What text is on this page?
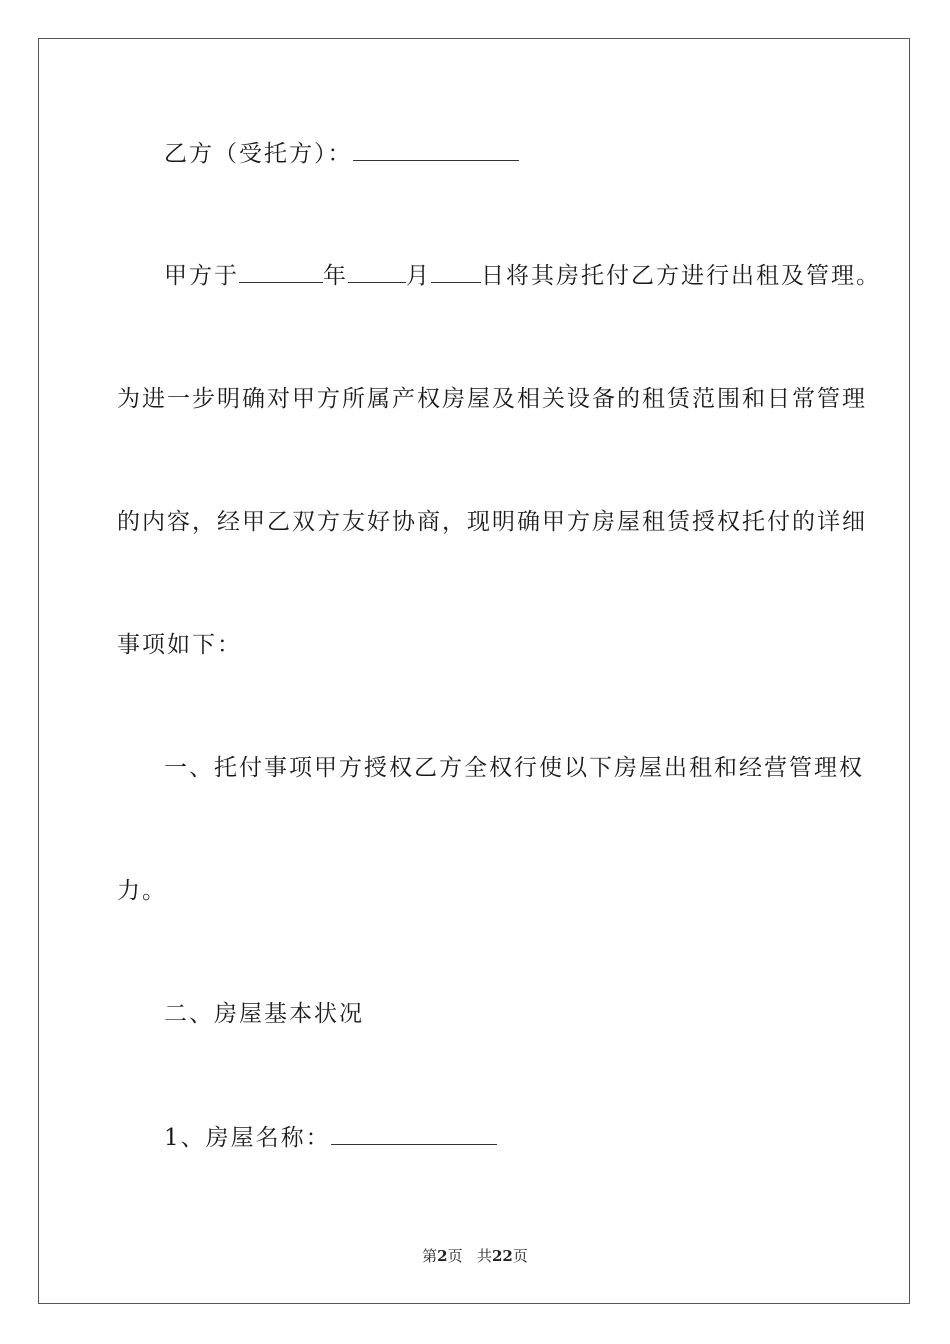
乙方（受托方）：
甲方于	年	月 日将其房托付乙方进行出租及管理。
为进一步明确对甲方所属产权房屋及相关设备的租赁范围和日常管理
的内容，经甲乙双方友好协商，现明确甲方房屋租赁授权托付的详细
事项如下：
一、托付事项甲方授权乙方全权行使以下房屋出租和经营管理权
力。
二、房屋基本状况
1、房屋名称：
第2页 共22页
